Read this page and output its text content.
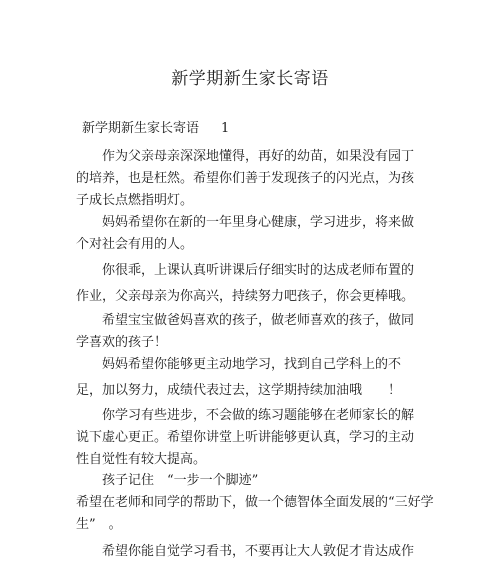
新学期新生家长寄语
新学期新生家长寄语 1
作为父亲母亲深深地懂得，再好的幼苗，如果没有园丁
的培养，也是枉然。希望你们善于发现孩子的闪光点，为孩
子成长点燃指明灯。
妈妈希望你在新的一年里身心健康，学习进步，将来做
个对社会有用的人。
你很乖，上课认真听讲课后仔细实时的达成老师布置的
作业，父亲母亲为你高兴，持续努力吧孩子，你会更棒哦。
希望宝宝做爸妈喜欢的孩子，做老师喜欢的孩子，做同
学喜欢的孩子！
妈妈希望你能够更主动地学习，找到自己学科上的不
足，加以努力，成绩代表过去，这学期持续加油哦　　！
你学习有些进步，不会做的练习题能够在老师家长的解
说下虚心更正。希望你讲堂上听讲能够更认真，学习的主动
性自觉性有较大提高。
孩子记住　“一步一个脚迹”
希望在老师和同学的帮助下，做一个德智体全面发展的“三好学
生”　。
希望你能自觉学习看书，不要再让大人敦促才肯达成作
